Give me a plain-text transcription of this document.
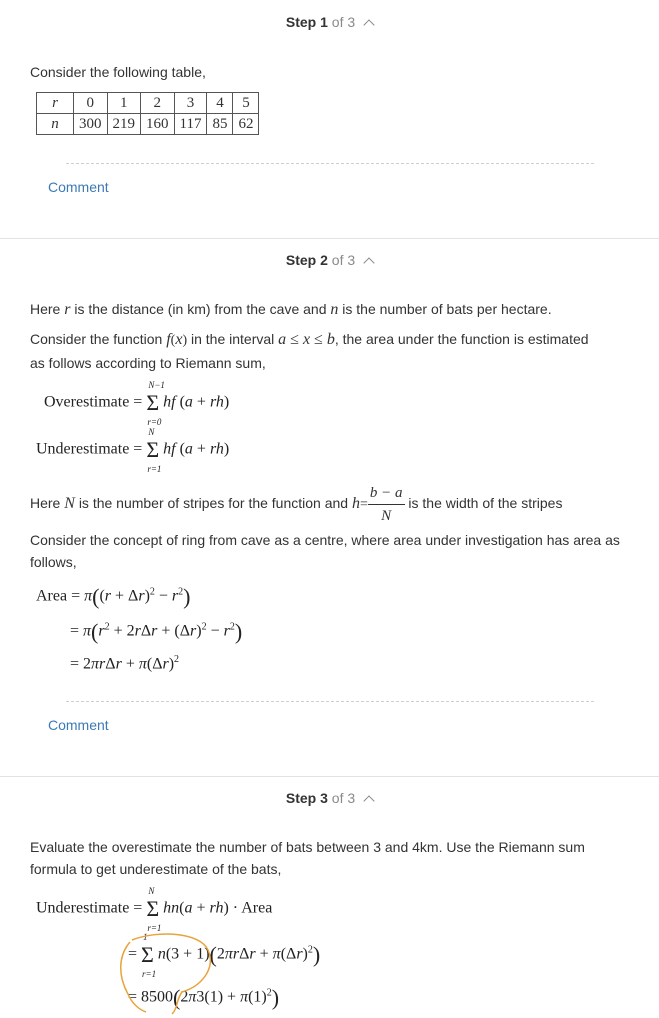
Step 1 of 3
Consider the following table,
r	0	1	2	3	4	5
n	300	219	160	117	85	62
Comment
Step 2 of 3
Here r is the distance (in km) from the cave and n is the number of bats per hectare.
Consider the function f(x) in the interval a ≤ x ≤ b, the area under the function is estimated
as follows according to Riemann sum,
Overestimate = Σ
N−1
r=0
hf (a + rh)
Underestimate = Σ
N
r=1
hf (a + rh)
Here N is the number of stripes for the function and $h= \frac{b - a}{N}$ is the width of the stripes
Consider the concept of ring from cave as a centre, where area under investigation has area as follows,
Area = $\pi((r + \Delta r)^2 - r^2)$
= $\pi(r^2 + 2r\Delta r + (\Delta r)^2 - r^2)$
= $2\pi r\Delta r + \pi(\Delta r)^2$
Comment
Step 3 of 3
Evaluate the overestimate the number of bats between 3 and 4km. Use the Riemann sum formula to get underestimate of the bats,
Underestimate = Σ
N
r=1
hn(a + rh) · Area
= Σ
1
r=1
$n(3 + 1)(2\pi r\Delta r + \pi(\Delta r)^2)$
= $8500(2\pi 3(1) + \pi(1)^2)$
